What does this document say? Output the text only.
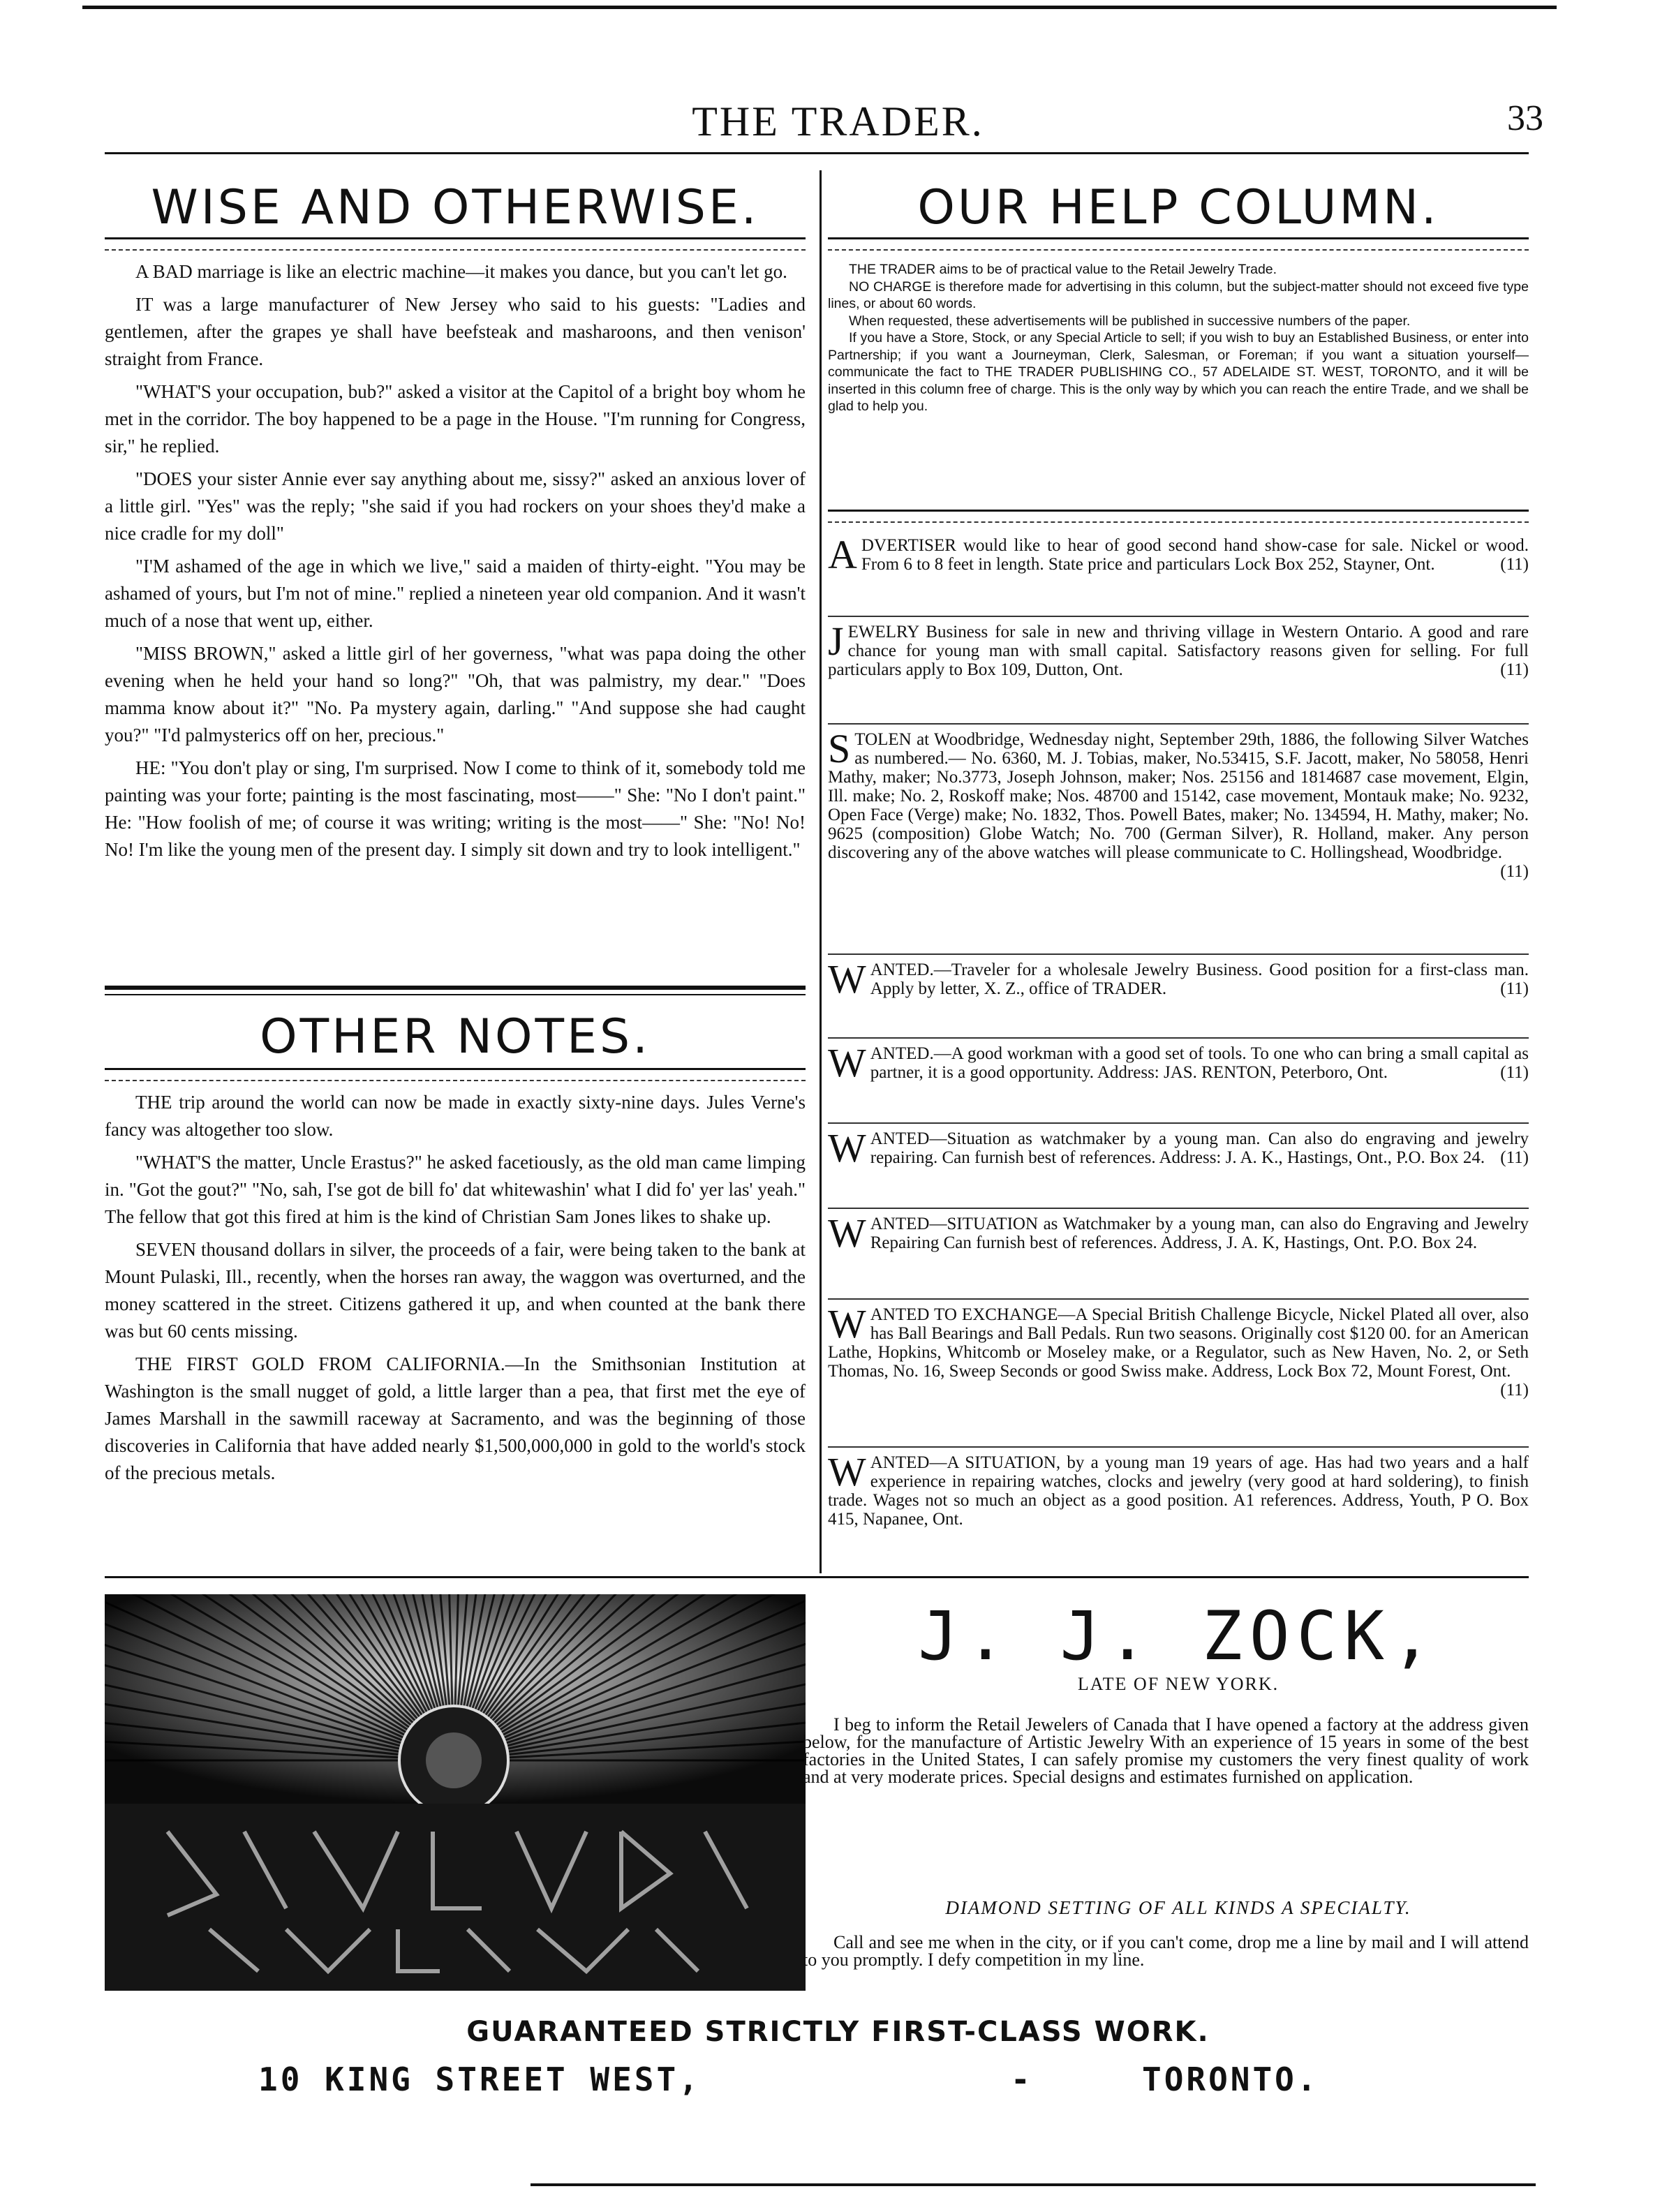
THE TRADER.	33
WISE AND OTHERWISE.

A BAD marriage is like an electric machine—it makes you dance, but you can't let go.

IT was a large manufacturer of New Jersey who said to his guests: "Ladies and gentlemen, after the grapes ye shall have beefsteak and masharoons, and then venison' straight from France.

"WHAT'S your occupation, bub?" asked a visitor at the Capitol of a bright boy whom he met in the corridor. The boy happened to be a page in the House. "I'm running for Congress, sir," he replied.

"DOES your sister Annie ever say anything about me, sissy?" asked an anxious lover of a little girl. "Yes" was the reply; "she said if you had rockers on your shoes they'd make a nice cradle for my doll"

"I'M ashamed of the age in which we live," said a maiden of thirty-eight. "You may be ashamed of yours, but I'm not of mine." replied a nineteen year old companion. And it wasn't much of a nose that went up, either.

"MISS BROWN," asked a little girl of her governess, "what was papa doing the other evening when he held your hand so long?" "Oh, that was palmistry, my dear." "Does mamma know about it?" "No. Pa mystery again, darling." "And suppose she had caught you?" "I'd palmysterics off on her, precious."

HE: "You don't play or sing, I'm surprised. Now I come to think of it, somebody told me painting was your forte; painting is the most fascinating, most——" She: "No I don't paint." He: "How foolish of me; of course it was writing; writing is the most——" She: "No! No! No! I'm like the young men of the present day. I simply sit down and try to look intelligent."

OTHER NOTES.

THE trip around the world can now be made in exactly sixty-nine days. Jules Verne's fancy was altogether too slow.

"WHAT'S the matter, Uncle Erastus?" he asked facetiously, as the old man came limping in. "Got the gout?" "No, sah, I'se got de bill fo' dat whitewashin' what I did fo' yer las' yeah." The fellow that got this fired at him is the kind of Christian Sam Jones likes to shake up.

SEVEN thousand dollars in silver, the proceeds of a fair, were being taken to the bank at Mount Pulaski, Ill., recently, when the horses ran away, the waggon was overturned, and the money scattered in the street. Citizens gathered it up, and when counted at the bank there was but 60 cents missing.

THE FIRST GOLD FROM CALIFORNIA.—In the Smithsonian Institution at Washington is the small nugget of gold, a little larger than a pea, that first met the eye of James Marshall in the sawmill raceway at Sacramento, and was the beginning of those discoveries in California that have added nearly $1,500,000,000 in gold to the world's stock of the precious metals.

OUR HELP COLUMN.

THE TRADER aims to be of practical value to the Retail Jewelry Trade.

NO CHARGE is therefore made for advertising in this column, but the subject-matter should not exceed five type lines, or about 60 words.

When requested, these advertisements will be published in successive numbers of the paper.

If you have a Store, Stock, or any Special Article to sell; if you wish to buy an Established Business, or enter into Partnership; if you want a Journeyman, Clerk, Salesman, or Foreman; if you want a situation yourself—communicate the fact to THE TRADER PUBLISHING CO., 57 ADELAIDE ST. WEST, TORONTO, and it will be inserted in this column free of charge. This is the only way by which you can reach the entire Trade, and we shall be glad to help you.

ADVERTISER would like to hear of good second hand show-case for sale. Nickel or wood. From 6 to 8 feet in length. State price and particulars Lock Box 252, Stayner, Ont.	(11)
JEWELRY Business for sale in new and thriving village in Western Ontario. A good and rare chance for young man with small capital. Satisfactory reasons given for selling. For full particulars apply to Box 109, Dutton, Ont.	(11)
STOLEN at Woodbridge, Wednesday night, September 29th, 1886, the following Silver Watches as numbered.— No. 6360, M. J. Tobias, maker, No.53415, S.F. Jacott, maker, No 58058, Henri Mathy, maker; No.3773, Joseph Johnson, maker; Nos. 25156 and 1814687 case movement, Elgin, Ill. make; No. 2, Roskoff make; Nos. 48700 and 15142, case movement, Montauk make; No. 9232, Open Face (Verge) make; No. 1832, Thos. Powell Bates, maker; No. 134594, H. Mathy, maker; No. 9625 (composition) Globe Watch; No. 700 (German Silver), R. Holland, maker. Any person discovering any of the above watches will please communicate to C. Hollingshead, Woodbridge.
(11)
WANTED.—Traveler for a wholesale Jewelry Business. Good position for a first-class man. Apply by letter, X. Z., office of TRADER.	(11)
WANTED.—A good workman with a good set of tools. To one who can bring a small capital as partner, it is a good opportunity. Address: JAS. RENTON, Peterboro, Ont.	(11)
WANTED—Situation as watchmaker by a young man. Can also do engraving and jewelry repairing. Can furnish best of references. Address: J. A. K., Hastings, Ont., P.O. Box 24. (11)
WANTED—SITUATION as Watchmaker by a young man, can also do Engraving and Jewelry Repairing Can furnish best of references. Address, J. A. K, Hastings, Ont. P.O. Box 24.
WANTED TO EXCHANGE—A Special British Challenge Bicycle, Nickel Plated all over, also has Ball Bearings and Ball Pedals. Run two seasons. Originally cost $120 00. for an American Lathe, Hopkins, Whitcomb or Moseley make, or a Regulator, such as New Haven, No. 2, or Seth Thomas, No. 16, Sweep Seconds or good Swiss make. Address, Lock Box 72, Mount Forest, Ont.
(11)
WANTED—A SITUATION, by a young man 19 years of age. Has had two years and a half experience in repairing watches, clocks and jewelry (very good at hard soldering), to finish trade. Wages not so much an object as a good position. A1 references. Address, Youth, P O. Box 415, Napanee, Ont.
J. J. ZOCK,
LATE OF NEW YORK.

I beg to inform the Retail Jewelers of Canada that I have opened a factory at the address given below, for the manufacture of Artistic Jewelry With an experience of 15 years in some of the best factories in the United States, I can safely promise my customers the very finest quality of work and at very moderate prices. Special designs and estimates furnished on application.

DIAMOND SETTING OF ALL KINDS A SPECIALTY.

Call and see me when in the city, or if you can't come, drop me a line by mail and I will attend to you promptly. I defy competition in my line.

GUARANTEED STRICTLY FIRST-CLASS WORK.
10 KING STREET WEST,	-	TORONTO.
